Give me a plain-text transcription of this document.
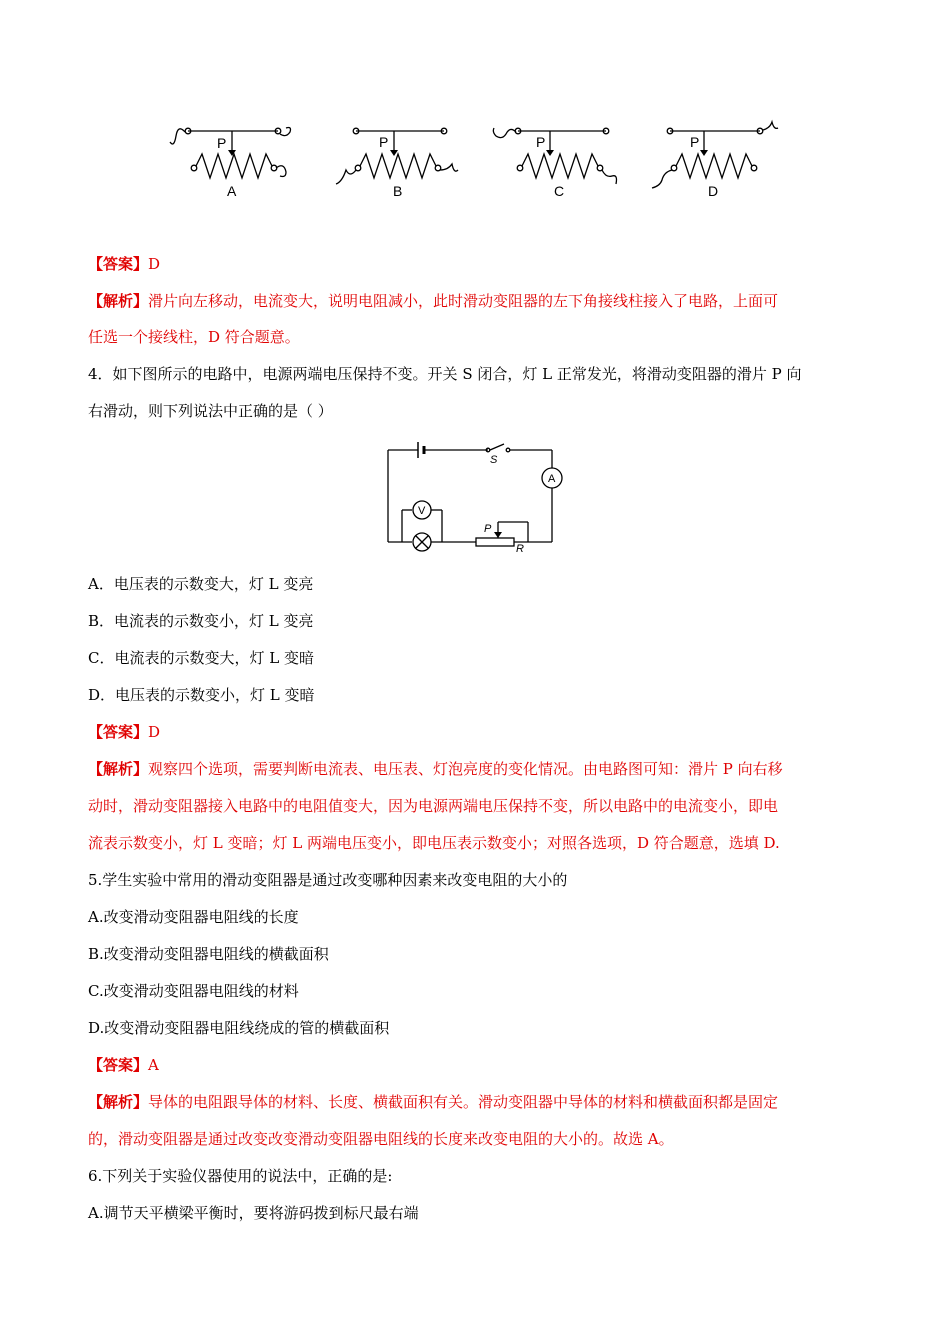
P	P	P	P
A	B	C	D
【答案】D
【解析】滑片向左移动，电流变大，说明电阻减小，此时滑动变阻器的左下角接线柱接入了电路，上面可
任选一个接线柱，D 符合题意。
4．如下图所示的电路中，电源两端电压保持不变。开关 S 闭合，灯 L 正常发光，将滑动变阻器的滑片 P 向
右滑动，则下列说法中正确的是（ ）
S
A
V
P
R
A．电压表的示数变大，灯 L 变亮
B．电流表的示数变小，灯 L 变亮
C．电流表的示数变大，灯 L 变暗
D．电压表的示数变小，灯 L 变暗
【答案】D
【解析】观察四个选项，需要判断电流表、电压表、灯泡亮度的变化情况。由电路图可知：滑片 P 向右移
动时，滑动变阻器接入电路中的电阻值变大，因为电源两端电压保持不变，所以电路中的电流变小，即电
流表示数变小，灯 L 变暗；灯 L 两端电压变小，即电压表示数变小；对照各选项，D 符合题意，选填 D.
5.学生实验中常用的滑动变阻器是通过改变哪种因素来改变电阻的大小的
A.改变滑动变阻器电阻线的长度
B.改变滑动变阻器电阻线的横截面积
C.改变滑动变阻器电阻线的材料
D.改变滑动变阻器电阻线绕成的管的横截面积
【答案】A
【解析】导体的电阻跟导体的材料、长度、横截面积有关。滑动变阻器中导体的材料和横截面积都是固定
的，滑动变阻器是通过改变改变滑动变阻器电阻线的长度来改变电阻的大小的。故选 A。
6.下列关于实验仪器使用的说法中，正确的是:
A.调节天平横梁平衡时，要将游码拨到标尺最右端
